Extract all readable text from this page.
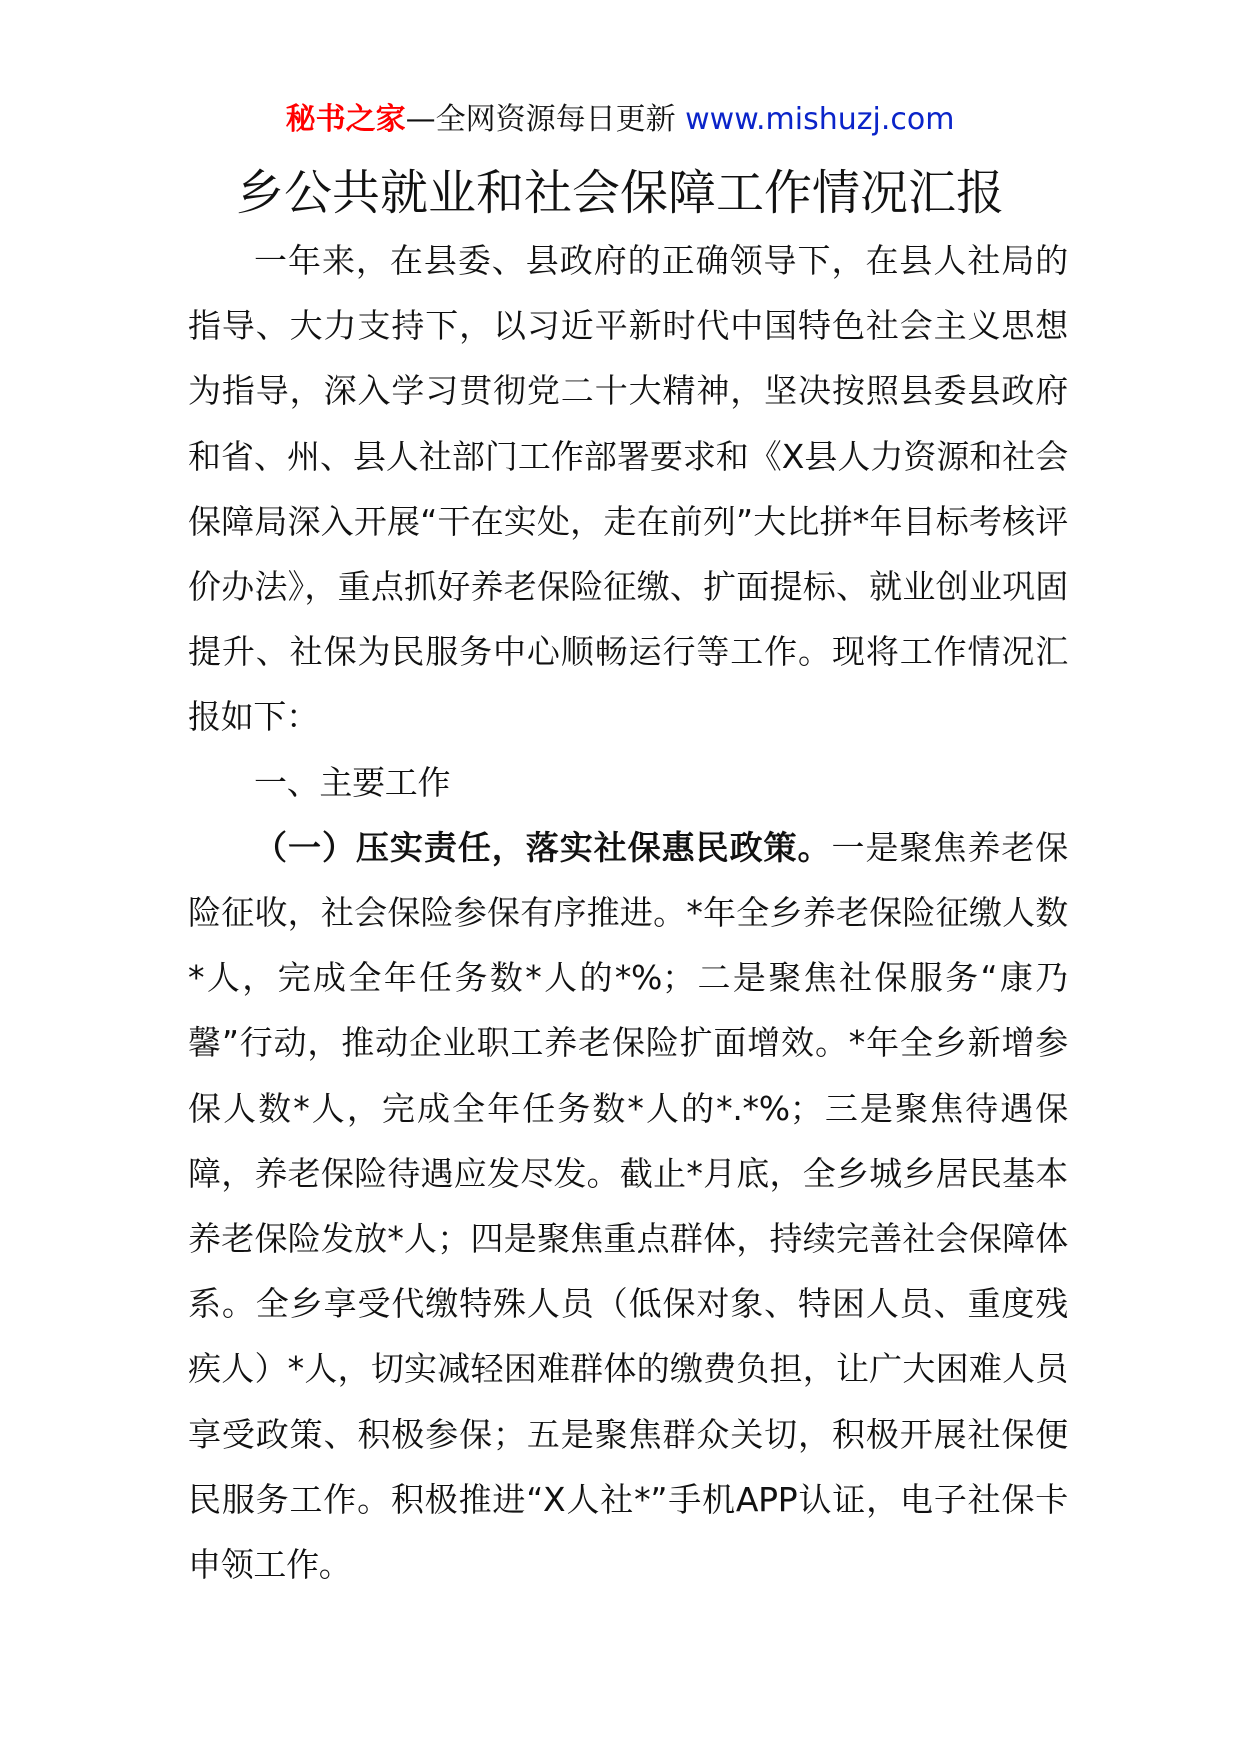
秘书之家—全网资源每日更新 www.mishuzj.com
乡公共就业和社会保障工作情况汇报

一年来，在县委、县政府的正确领导下，在县人社局的指导、大力支持下，以习近平新时代中国特色社会主义思想为指导，深入学习贯彻党二十大精神，坚决按照县委县政府和省、州、县人社部门工作部署要求和《X县人力资源和社会保障局深入开展“干在实处，走在前列”大比拼*年目标考核评价办法》，重点抓好养老保险征缴、扩面提标、就业创业巩固提升、社保为民服务中心顺畅运行等工作。现将工作情况汇报如下：

一、主要工作

（一）压实责任，落实社保惠民政策。一是聚焦养老保险征收，社会保险参保有序推进。*年全乡养老保险征缴人数*人，完成全年任务数*人的*%；二是聚焦社保服务“康乃馨”行动，推动企业职工养老保险扩面增效。*年全乡新增参保人数*人，完成全年任务数*人的*.*%；三是聚焦待遇保障，养老保险待遇应发尽发。截止*月底，全乡城乡居民基本养老保险发放*人；四是聚焦重点群体，持续完善社会保障体系。全乡享受代缴特殊人员（低保对象、特困人员、重度残疾人）*人，切实减轻困难群体的缴费负担，让广大困难人员享受政策、积极参保；五是聚焦群众关切，积极开展社保便民服务工作。积极推进“X人社*”手机APP认证，电子社保卡申领工作。
